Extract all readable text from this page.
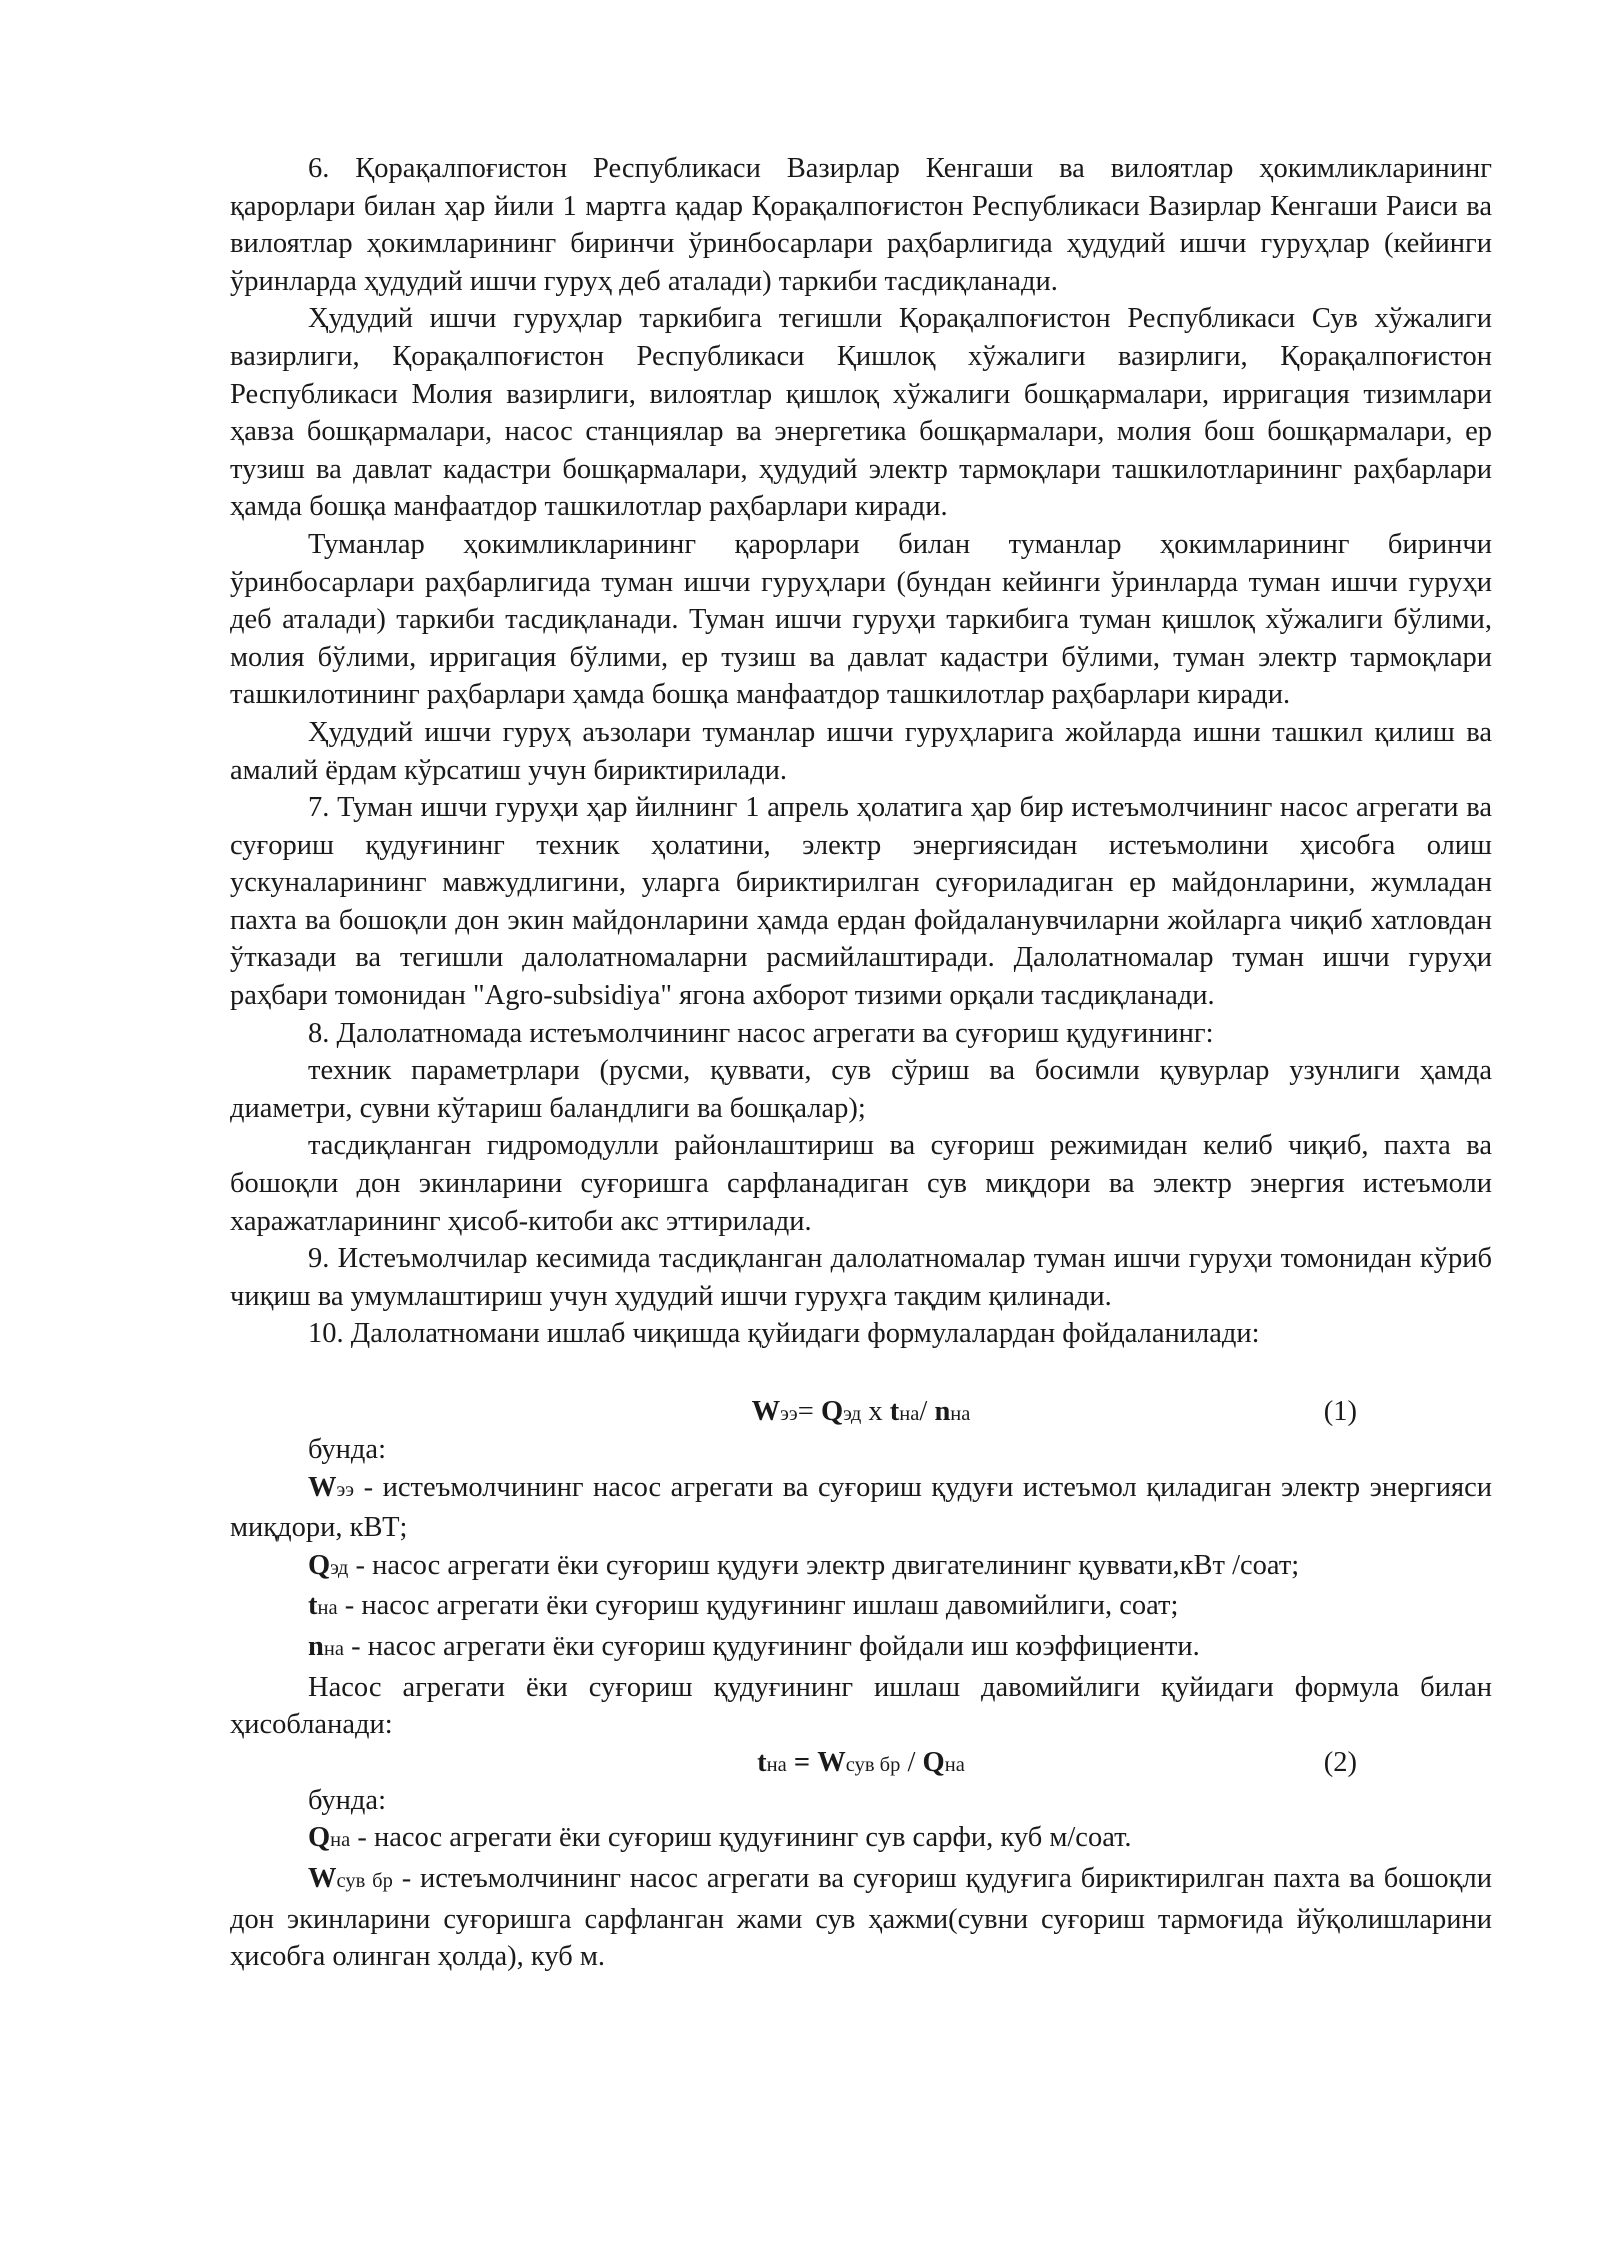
6. Қорақалпоғистон Республикаси Вазирлар Кенгаши ва вилоятлар ҳокимликларининг қарорлари билан ҳар йили 1 мартга қадар Қорақалпоғистон Республикаси Вазирлар Кенгаши Раиси ва вилоятлар ҳокимларининг биринчи ўринбосарлари раҳбарлигида ҳудудий ишчи гуруҳлар (кейинги ўринларда ҳудудий ишчи гуруҳ деб аталади) таркиби тасдиқланади.

Ҳудудий ишчи гуруҳлар таркибига тегишли Қорақалпоғистон Республикаси Сув хўжалиги вазирлиги, Қорақалпоғистон Республикаси Қишлоқ хўжалиги вазирлиги, Қорақалпоғистон Республикаси Молия вазирлиги, вилоятлар қишлоқ хўжалиги бошқармалари, ирригация тизимлари ҳавза бошқармалари, насос станциялар ва энергетика бошқармалари, молия бош бошқармалари, ер тузиш ва давлат кадастри бошқармалари, ҳудудий электр тармоқлари ташкилотларининг раҳбарлари ҳамда бошқа манфаатдор ташкилотлар раҳбарлари киради.

Туманлар ҳокимликларининг қарорлари билан туманлар ҳокимларининг биринчи ўринбосарлари раҳбарлигида туман ишчи гуруҳлари (бундан кейинги ўринларда туман ишчи гуруҳи деб аталади) таркиби тасдиқланади. Туман ишчи гуруҳи таркибига туман қишлоқ хўжалиги бўлими, молия бўлими, ирригация бўлими, ер тузиш ва давлат кадастри бўлими, туман электр тармоқлари ташкилотининг раҳбарлари ҳамда бошқа манфаатдор ташкилотлар раҳбарлари киради.

Ҳудудий ишчи гуруҳ аъзолари туманлар ишчи гуруҳларига жойларда ишни ташкил қилиш ва амалий ёрдам кўрсатиш учун бириктирилади.

7. Туман ишчи гуруҳи ҳар йилнинг 1 апрель ҳолатига ҳар бир истеъмолчининг насос агрегати ва суғориш қудуғининг техник ҳолатини, электр энергиясидан истеъмолини ҳисобга олиш ускуналарининг мавжудлигини, уларга бириктирилган суғориладиган ер майдонларини, жумладан пахта ва бошоқли дон экин майдонларини ҳамда ердан фойдаланувчиларни жойларга чиқиб хатловдан ўтказади ва тегишли далолатномаларни расмийлаштиради. Далолатномалар туман ишчи гуруҳи раҳбари томонидан "Agro-subsidiya" ягона ахборот тизими орқали тасдиқланади.

8. Далолатномада истеъмолчининг насос агрегати ва суғориш қудуғининг:

техник параметрлари (русми, қуввати, сув сўриш ва босимли қувурлар узунлиги ҳамда диаметри, сувни кўтариш баландлиги ва бошқалар);

тасдиқланган гидромодулли районлаштириш ва суғориш режимидан келиб чиқиб, пахта ва бошоқли дон экинларини суғоришга сарфланадиган сув миқдори ва электр энергия истеъмоли харажатларининг ҳисоб-китоби акс эттирилади.

9. Истеъмолчилар кесимида тасдиқланган далолатномалар туман ишчи гуруҳи томонидан кўриб чиқиш ва умумлаштириш учун ҳудудий ишчи гуруҳга тақдим қилинади.

10. Далолатномани ишлаб чиқишда қуйидаги формулалардан фойдаланилади:

Wээ= Qэд x tна/ nна	(1)

бунда:

Wээ - истеъмолчининг насос агрегати ва суғориш қудуғи истеъмол қиладиган электр энергияси миқдори, кВТ;

Qэд - насос агрегати ёки суғориш қудуғи электр двигателининг қуввати,кВт /соат;

tна - насос агрегати ёки суғориш қудуғининг ишлаш давомийлиги, соат;

nна - насос агрегати ёки суғориш қудуғининг фойдали иш коэффициенти.

Насос агрегати ёки суғориш қудуғининг ишлаш давомийлиги қуйидаги формула билан ҳисобланади:

tна = Wсув бр / Qна	(2)

бунда:

Qна - насос агрегати ёки суғориш қудуғининг сув сарфи, куб м/соат.

Wсув бр - истеъмолчининг насос агрегати ва суғориш қудуғига бириктирилган пахта ва бошоқли дон экинларини суғоришга сарфланган жами сув ҳажми(сувни суғориш тармоғида йўқолишларини ҳисобга олинган ҳолда), куб м.
